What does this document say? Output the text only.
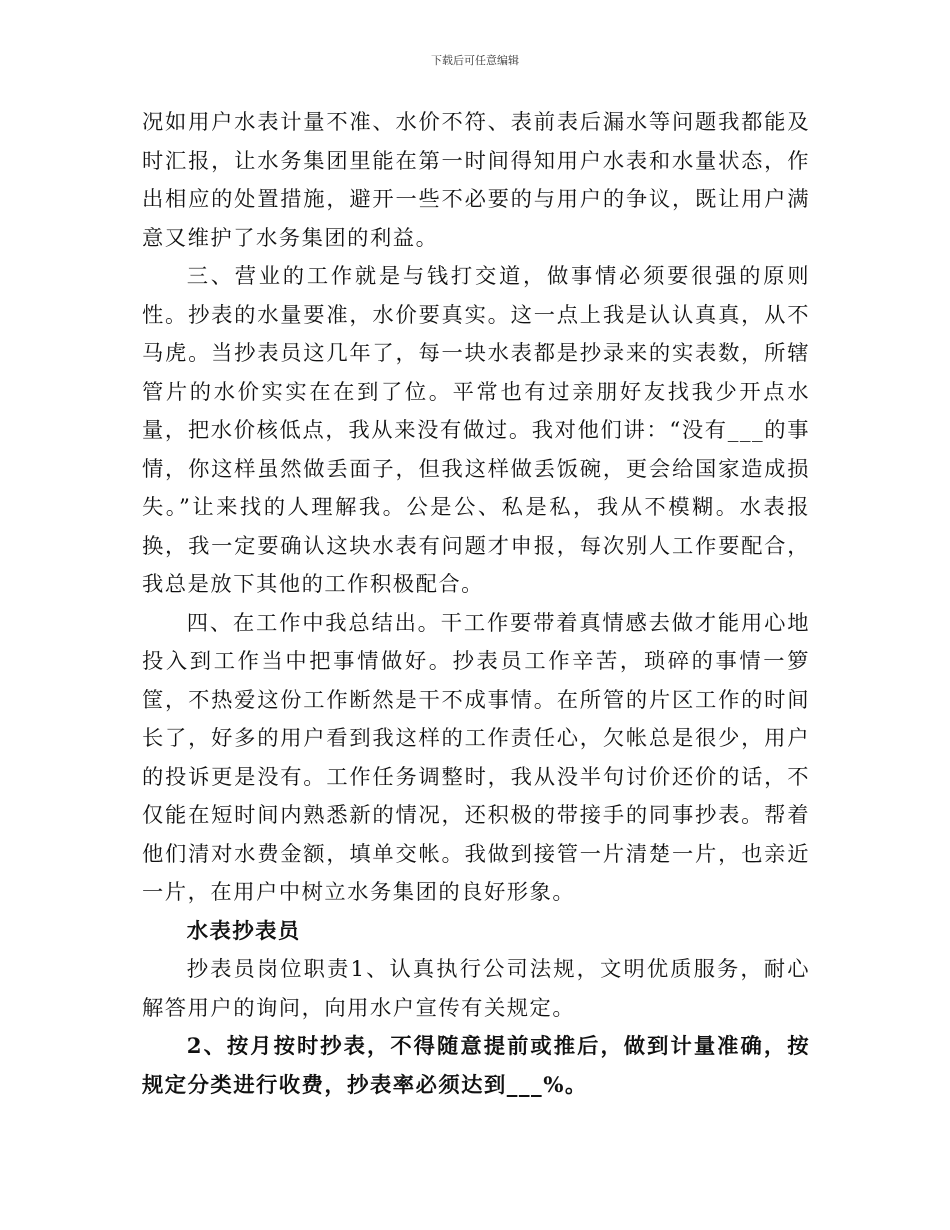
下载后可任意编辑

况如用户水表计量不准、水价不符、表前表后漏水等问题我都能及时汇报，让水务集团里能在第一时间得知用户水表和水量状态，作出相应的处置措施，避开一些不必要的与用户的争议，既让用户满意又维护了水务集团的利益。

三、营业的工作就是与钱打交道，做事情必须要很强的原则性。抄表的水量要准，水价要真实。这一点上我是认认真真，从不马虎。当抄表员这几年了，每一块水表都是抄录来的实表数，所辖管片的水价实实在在到了位。平常也有过亲朋好友找我少开点水量，把水价核低点，我从来没有做过。我对他们讲：“没有___的事情，你这样虽然做丢面子，但我这样做丢饭碗，更会给国家造成损失。”让来找的人理解我。公是公、私是私，我从不模糊。水表报换，我一定要确认这块水表有问题才申报，每次别人工作要配合，我总是放下其他的工作积极配合。

四、在工作中我总结出。干工作要带着真情感去做才能用心地投入到工作当中把事情做好。抄表员工作辛苦，琐碎的事情一箩筐，不热爱这份工作断然是干不成事情。在所管的片区工作的时间长了，好多的用户看到我这样的工作责任心，欠帐总是很少，用户的投诉更是没有。工作任务调整时，我从没半句讨价还价的话，不仅能在短时间内熟悉新的情况，还积极的带接手的同事抄表。帮着他们清对水费金额，填单交帐。我做到接管一片清楚一片，也亲近一片，在用户中树立水务集团的良好形象。

水表抄表员

抄表员岗位职责1、认真执行公司法规，文明优质服务，耐心解答用户的询问，向用水户宣传有关规定。

2、按月按时抄表，不得随意提前或推后，做到计量准确，按规定分类进行收费，抄表率必须达到___%。
